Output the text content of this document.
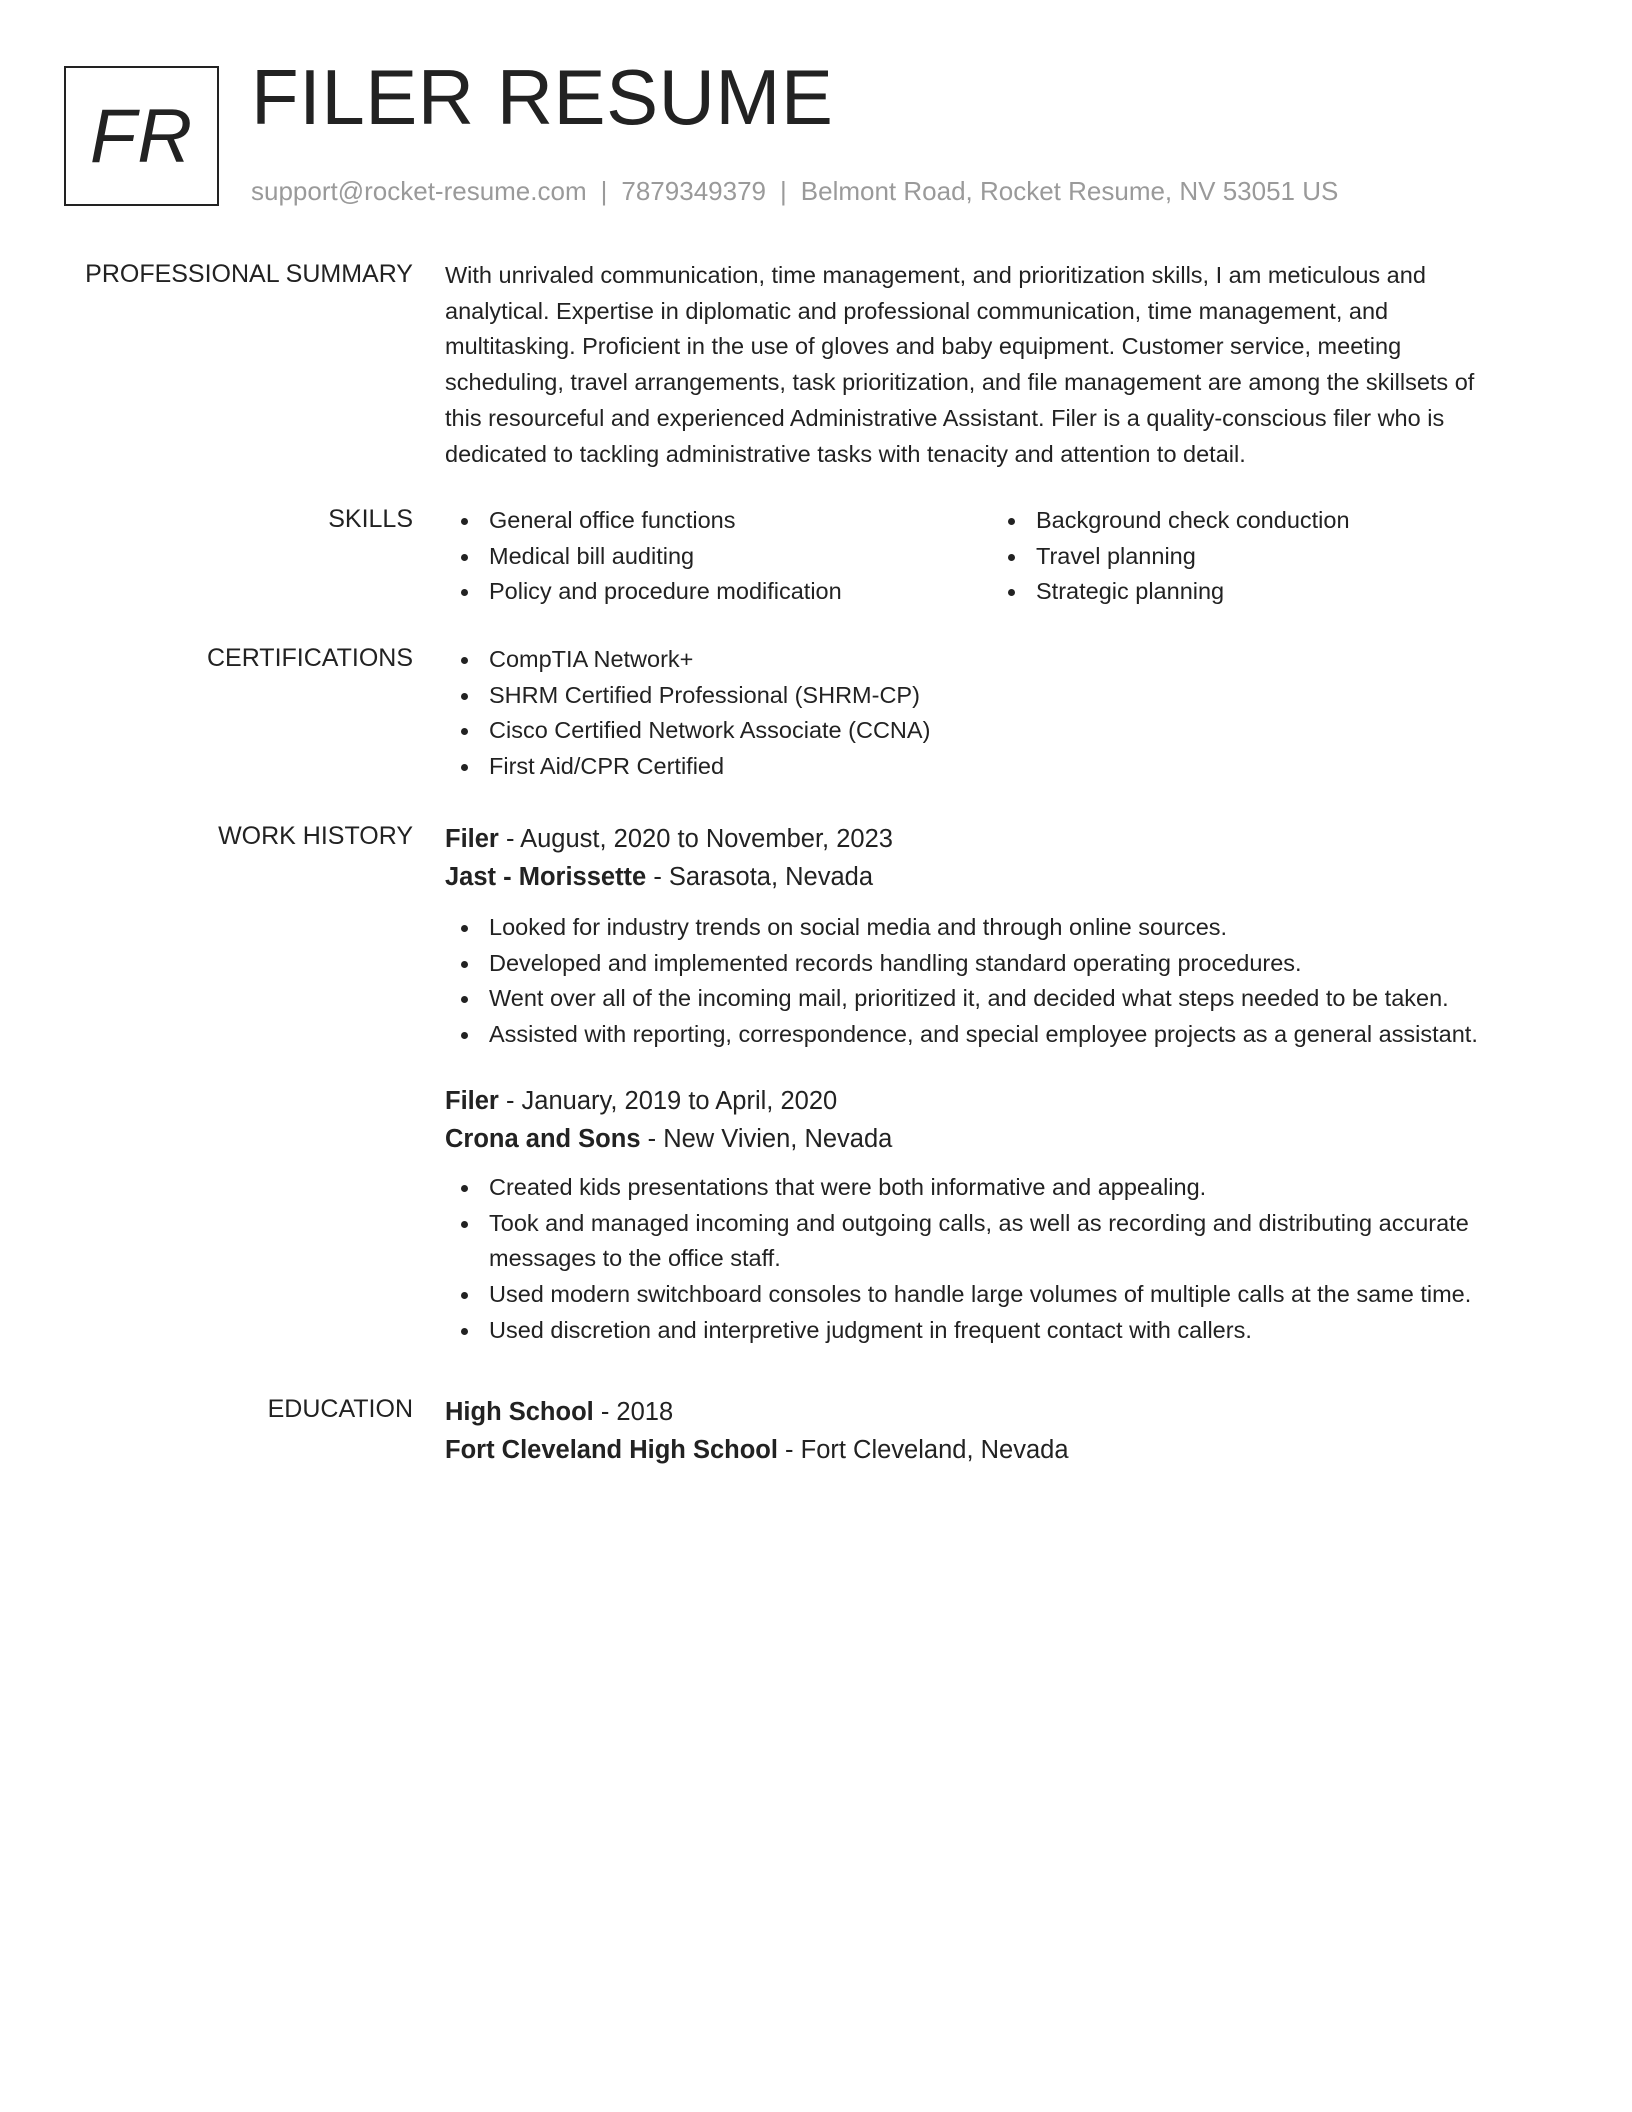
FR FILER RESUME
support@rocket-resume.com | 7879349379 | Belmont Road, Rocket Resume, NV 53051 US
PROFESSIONAL SUMMARY With unrivaled communication, time management, and prioritization skills, I am meticulous and
analytical. Expertise in diplomatic and professional communication, time management, and
multitasking. Proficient in the use of gloves and baby equipment. Customer service, meeting
scheduling, travel arrangements, task prioritization, and file management are among the skillsets of
this resourceful and experienced Administrative Assistant. Filer is a quality-conscious filer who is
dedicated to tackling administrative tasks with tenacity and attention to detail.
SKILLS	General office functions
Medical bill auditing
Policy and procedure modification
Background check conduction
Travel planning
Strategic planning
CERTIFICATIONS	CompTIA Network+
SHRM Certified Professional (SHRM-CP)
Cisco Certified Network Associate (CCNA)
First Aid/CPR Certified
WORK HISTORY Filer - August, 2020 to November, 2023
Jast - Morissette - Sarasota, Nevada
Looked for industry trends on social media and through online sources.
Developed and implemented records handling standard operating procedures.
Went over all of the incoming mail, prioritized it, and decided what steps needed to be taken.
Assisted with reporting, correspondence, and special employee projects as a general assistant.
Filer - January, 2019 to April, 2020
Crona and Sons - New Vivien, Nevada
Created kids presentations that were both informative and appealing.
Took and managed incoming and outgoing calls, as well as recording and distributing accurate messages to the office staff.
Used modern switchboard consoles to handle large volumes of multiple calls at the same time.
Used discretion and interpretive judgment in frequent contact with callers.
EDUCATION High School - 2018
Fort Cleveland High School - Fort Cleveland, Nevada
